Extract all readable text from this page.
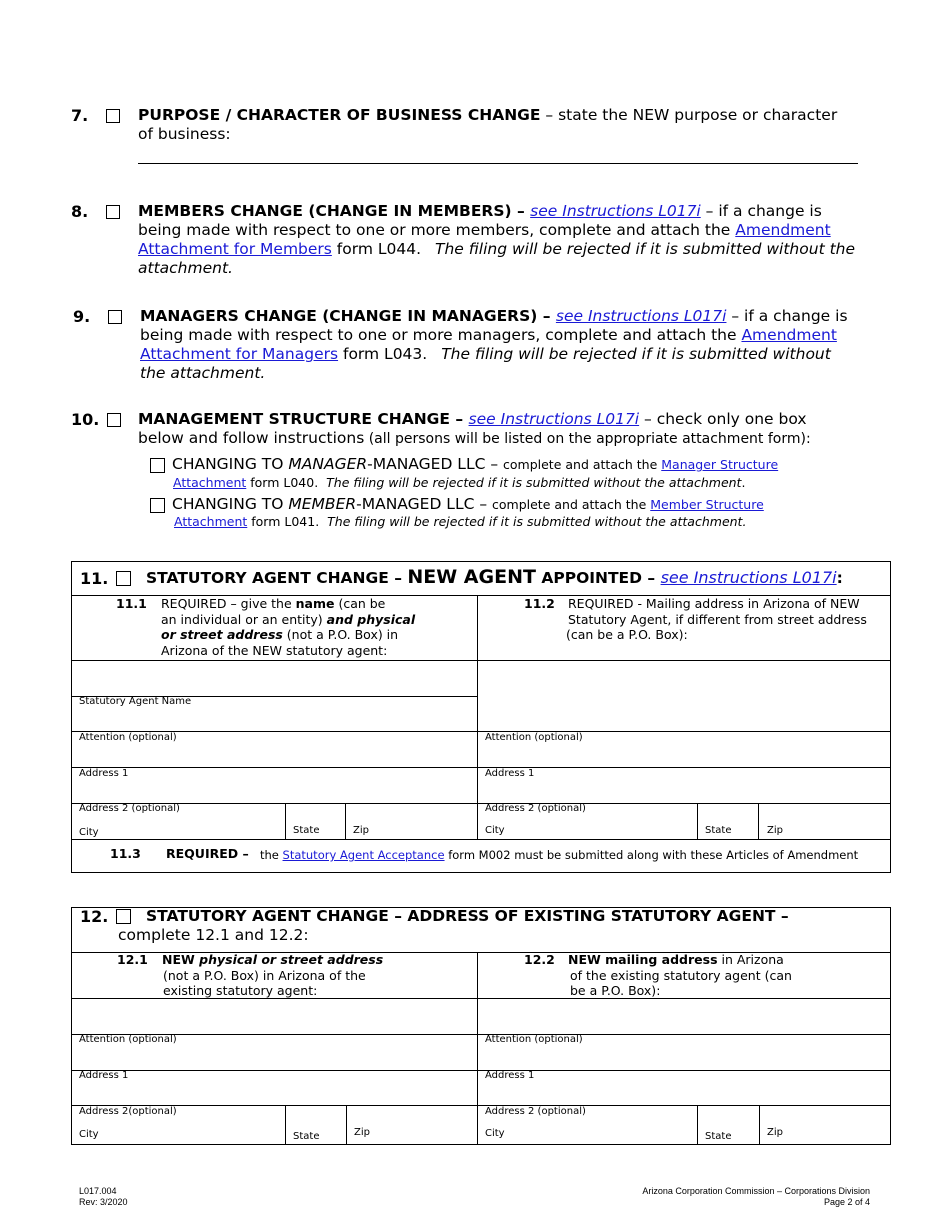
7.	PURPOSE / CHARACTER OF BUSINESS CHANGE – state the NEW purpose or character
of business:
8.	MEMBERS CHANGE (CHANGE IN MEMBERS) – see Instructions L017i – if a change is
being made with respect to one or more members, complete and attach the Amendment
Attachment for Members form L044. The filing will be rejected if it is submitted without the
attachment.
9.	MANAGERS CHANGE (CHANGE IN MANAGERS) – see Instructions L017i – if a change is
being made with respect to one or more managers, complete and attach the Amendment
Attachment for Managers form L043. The filing will be rejected if it is submitted without
the attachment.
10. MANAGEMENT STRUCTURE CHANGE – see Instructions L017i – check only one box
below and follow instructions (all persons will be listed on the appropriate attachment form):
CHANGING TO MANAGER-MANAGED LLC – complete and attach the Manager Structure
Attachment form L040. The filing will be rejected if it is submitted without the attachment.
CHANGING TO MEMBER-MANAGED LLC – complete and attach the Member Structure
Attachment form L041. The filing will be rejected if it is submitted without the attachment.
11. STATUTORY AGENT CHANGE – NEW AGENT APPOINTED – see Instructions L017i:
11.1 REQUIRED – give the name (can be
an individual or an entity) and physical
or street address (not a P.O. Box) in
Arizona of the NEW statutory agent:
11.2 REQUIRED - Mailing address in Arizona of NEW
Statutory Agent, if different from street address
(can be a P.O. Box):
Statutory Agent Name
Attention (optional)	Attention (optional)
Address 1	Address 1
Address 2 (optional)	Address 2 (optional)
City	State	Zip	City	State	Zip
11.3 REQUIRED – the Statutory Agent Acceptance form M002 must be submitted along with these Articles of Amendment
12. STATUTORY AGENT CHANGE – ADDRESS OF EXISTING STATUTORY AGENT –
complete 12.1 and 12.2:
12.1 NEW physical or street address
(not a P.O. Box) in Arizona of the
existing statutory agent:
12.2 NEW mailing address in Arizona
of the existing statutory agent (can
be a P.O. Box):
Attention (optional)	Attention (optional)
Address 1	Address 1
Address 2(optional)	Address 2 (optional)
City	State	Zip	City	State	Zip
L017.004
Rev: 3/2020
Arizona Corporation Commission – Corporations Division
Page 2 of 4
